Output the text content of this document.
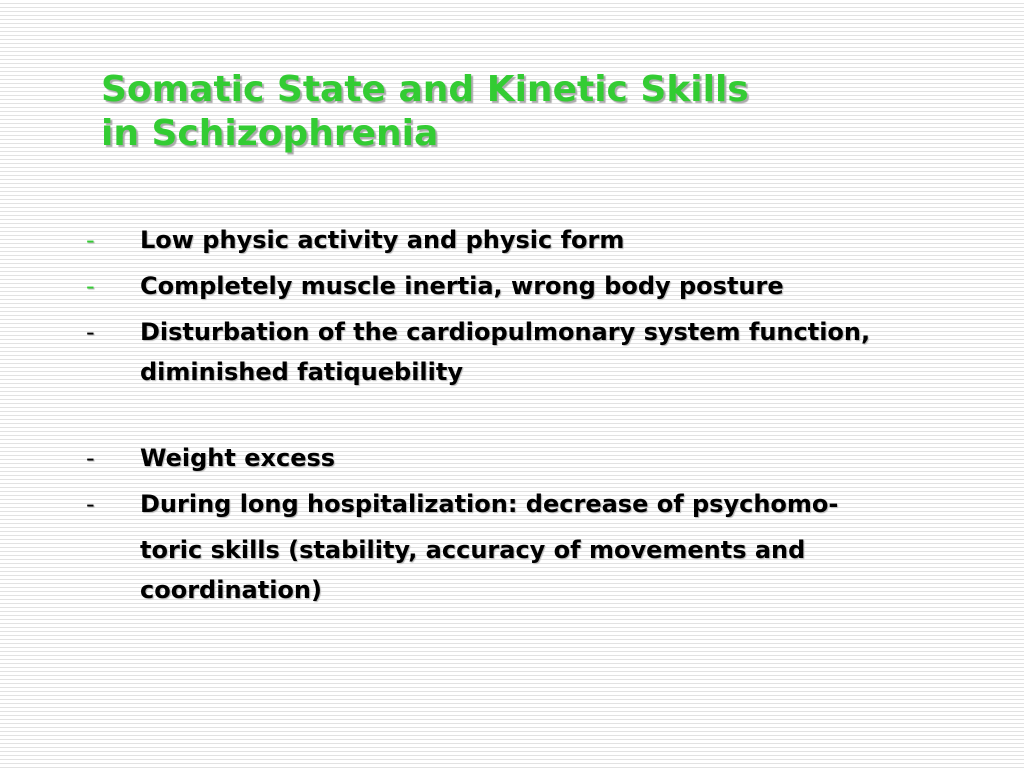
Somatic State and Kinetic Skills
in Schizophrenia
- Low physic activity and physic form
- Completely muscle inertia, wrong body posture
- Disturbation of the cardiopulmonary system function, diminished fatiquebility
- Weight excess
- During long hospitalization: decrease of psychomo-
toric skills (stability, accuracy of movements and coordination)
